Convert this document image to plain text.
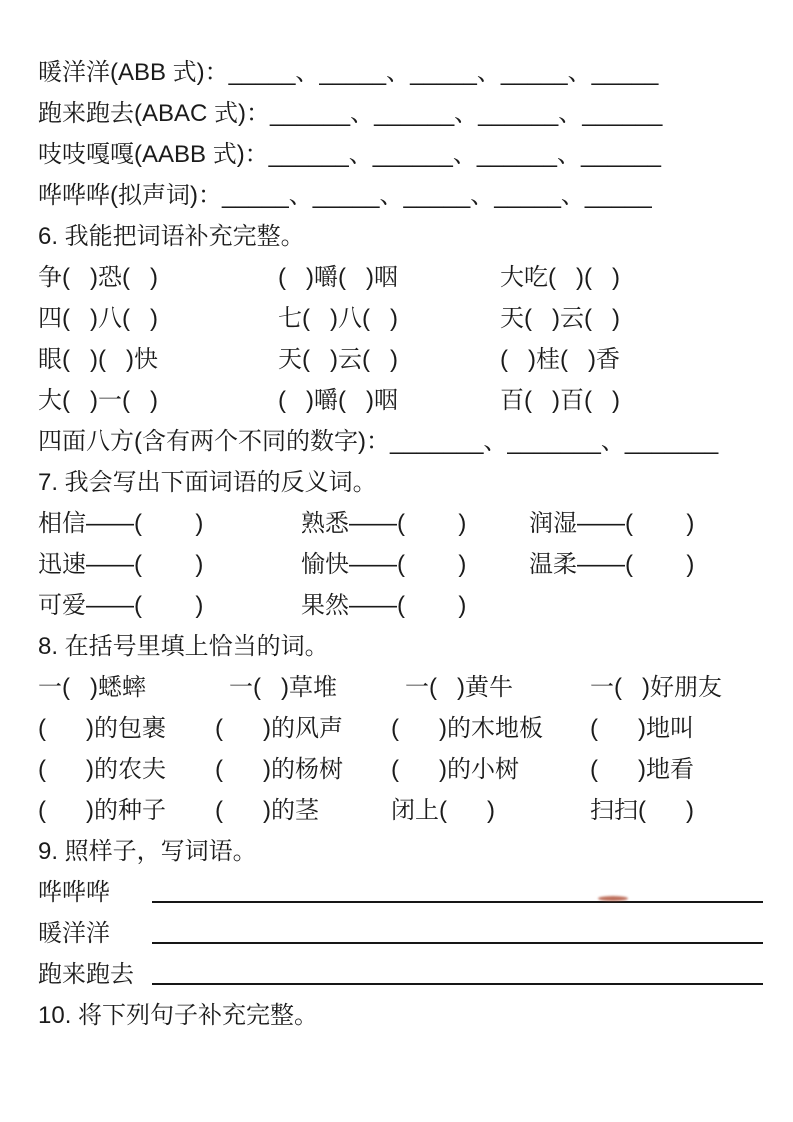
暖洋洋(ABB 式)：_____、_____、_____、_____、_____
跑来跑去(ABAC 式)：______、______、______、______
吱吱嘎嘎(AABB 式)：______、______、______、______
哗哗哗(拟声词)：_____、_____、_____、_____、_____
6. 我能把词语补充完整。
争(   )恐(   )	(   )嚼(   )咽	大吃(   )(   )
四(   )八(   )	七(   )八(   )	天(   )云(   )
眼(   )(   )快	天(   )云(   )	(   )桂(   )香
大(   )一(   )	(   )嚼(   )咽	百(   )百(   )
四面八方(含有两个不同的数字)：_______、_______、_______
7. 我会写出下面词语的反义词。
相信——(        )	熟悉——(        )	润湿——(        )
迅速——(        )	愉快——(        )	温柔——(        )
可爱——(        )	果然——(        )
8. 在括号里填上恰当的词。
一(   )蟋蟀	一(   )草堆	一(   )黄牛	一(   )好朋友
(      )的包裹	(      )的风声	(      )的木地板	(      )地叫
(      )的农夫	(      )的杨树	(      )的小树	(      )地看
(      )的种子	(      )的茎	闭上(      )	扫扫(      )
9. 照样子，写词语。
哗哗哗
暖洋洋
跑来跑去
10. 将下列句子补充完整。
